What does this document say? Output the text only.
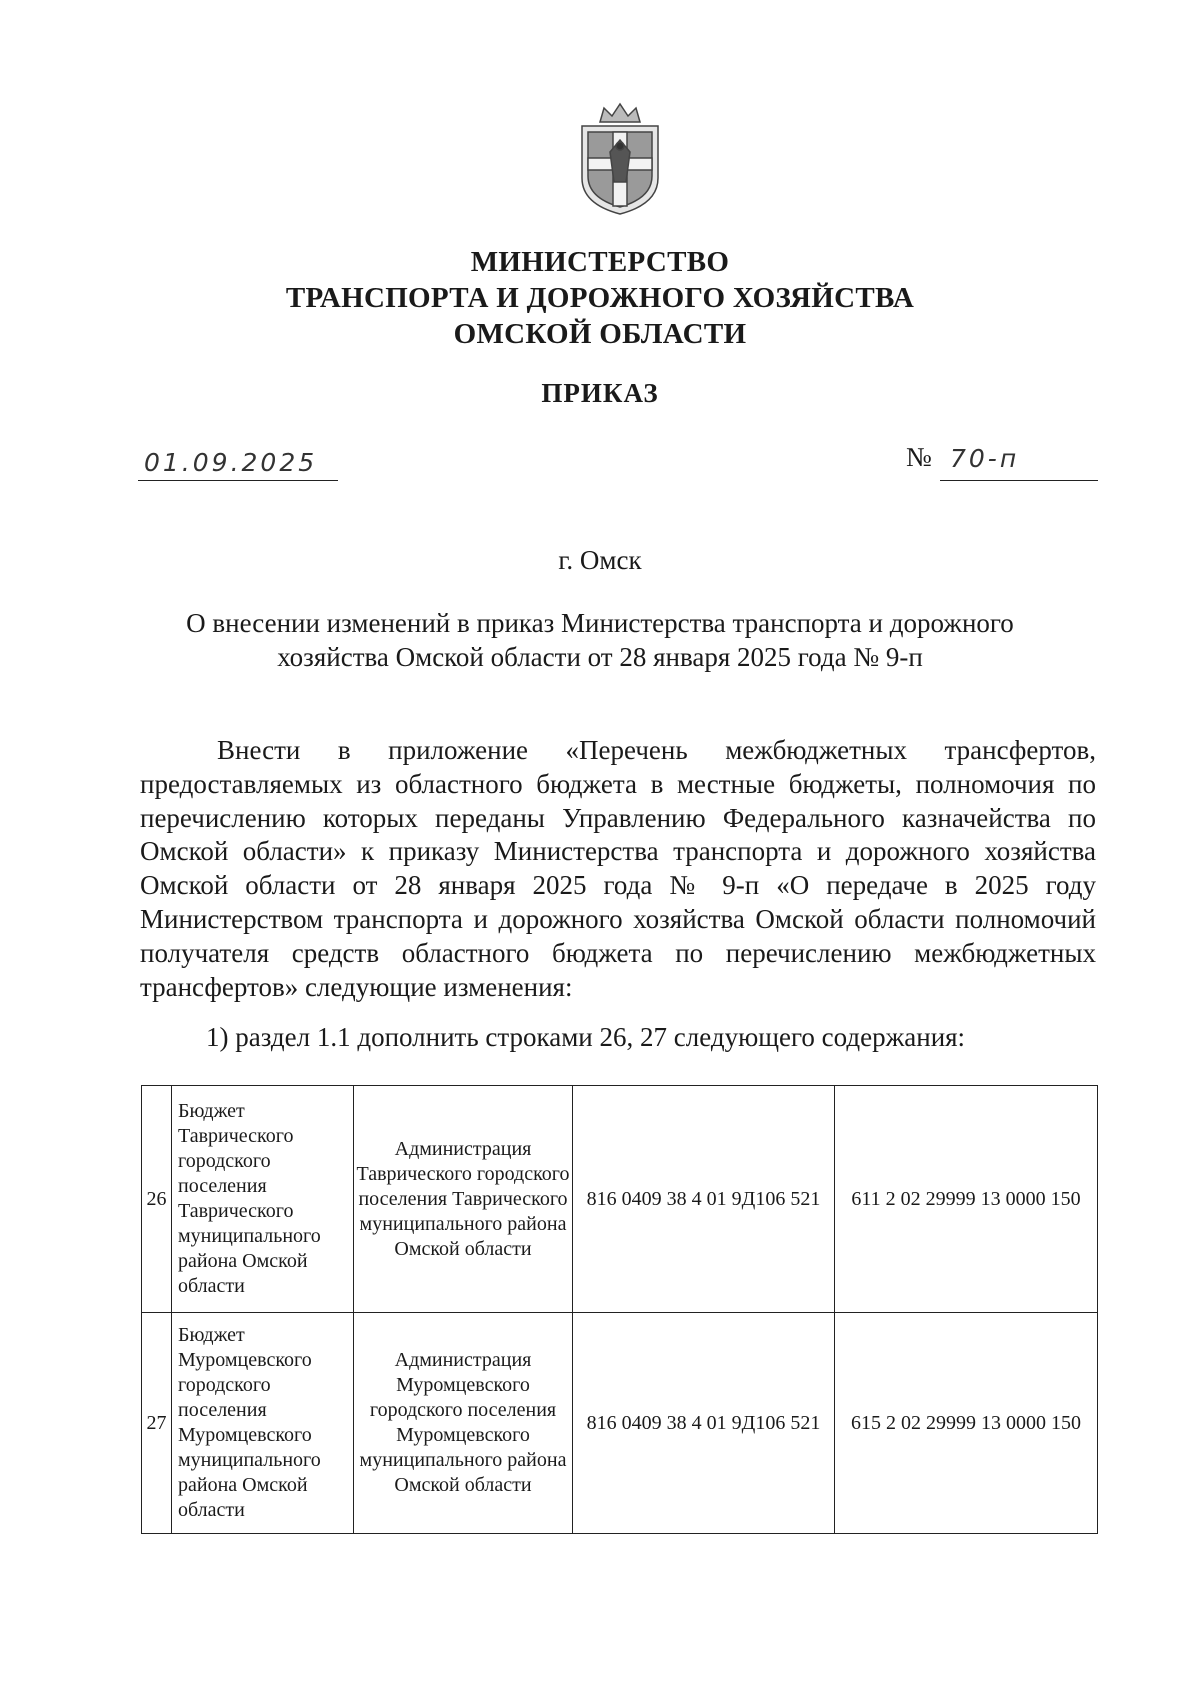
МИНИСТЕРСТВО
ТРАНСПОРТА И ДОРОЖНОГО ХОЗЯЙСТВА
ОМСКОЙ ОБЛАСТИ
ПРИКАЗ
01.09.2025	№ 70-п
г. Омск
О внесении изменений в приказ Министерства транспорта и дорожного
хозяйства Омской области от 28 января 2025 года № 9-п
Внести в приложение «Перечень межбюджетных трансфертов, предоставляемых из областного бюджета в местные бюджеты, полномочия по перечислению которых переданы Управлению Федерального казначейства по Омской области» к приказу Министерства транспорта и дорожного хозяйства Омской области от 28 января 2025 года № 9-п «О передаче в 2025 году Министерством транспорта и дорожного хозяйства Омской области полномочий получателя средств областного бюджета по перечислению межбюджетных трансфертов» следующие изменения:
1) раздел 1.1 дополнить строками 26, 27 следующего содержания:
26	Бюджет Таврического городского поселения Таврического муниципального района Омской области	Администрация Таврического городского поселения Таврического муниципального района Омской области	816 0409 38 4 01 9Д106 521	611 2 02 29999 13 0000 150
27	Бюджет Муромцевского городского поселения Муромцевского муниципального района Омской области	Администрация Муромцевского городского поселения Муромцевского муниципального района Омской области	816 0409 38 4 01 9Д106 521	615 2 02 29999 13 0000 150
